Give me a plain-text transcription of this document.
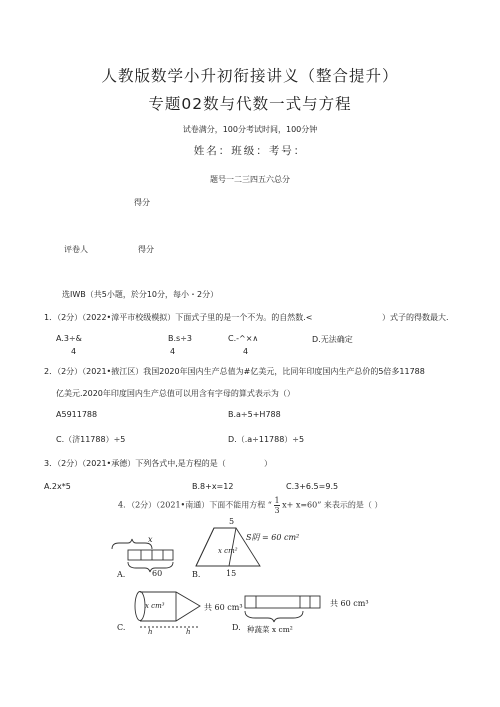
人教版数学小升初衔接讲义（整合提升）
专题02数与代数一式与方程
试卷满分，100分考试时间，100分钟
姓名：班级：考号：
题号一二三四五六总分
得分
评卷人	得分
选IWB（共5小题，於分10分，每小・2分）
1．（2分）（2022•漳平市校级模拟）下面式子里的是一个不为。的自然数.<	）式子的得数最大.
A.3÷&	B.s÷3	C.-^×∧	D.无法确定
4	4	4
2．（2分）（2021•掖江区）我国2020年国内生产总值为#亿美元，比同年印度国内生产总价的5倍多11788
亿美元.2020年印度国内生产总值可以用含有字母的算式表示为（）
A5911788	B.a÷5+H788
C.（济11788）÷5	D.（.a÷11788）÷5
3．（2分）（2021•承德）下列各式中,是方程的是（	）
A.2x*5	B.8+x=12	C.3+6.5=9.5
4．（2分）（2021•南通）下面不能用方程 “ $\frac{1}{3} x+ x=60$” 来表示的是（ ）
A.
x
60	B.
5
15
x cm²
S阴 = 60 cm²
C.
x cm³
h	h
共 60 cm³
D.
共 60 cm³
种蔬菜 x cm²
